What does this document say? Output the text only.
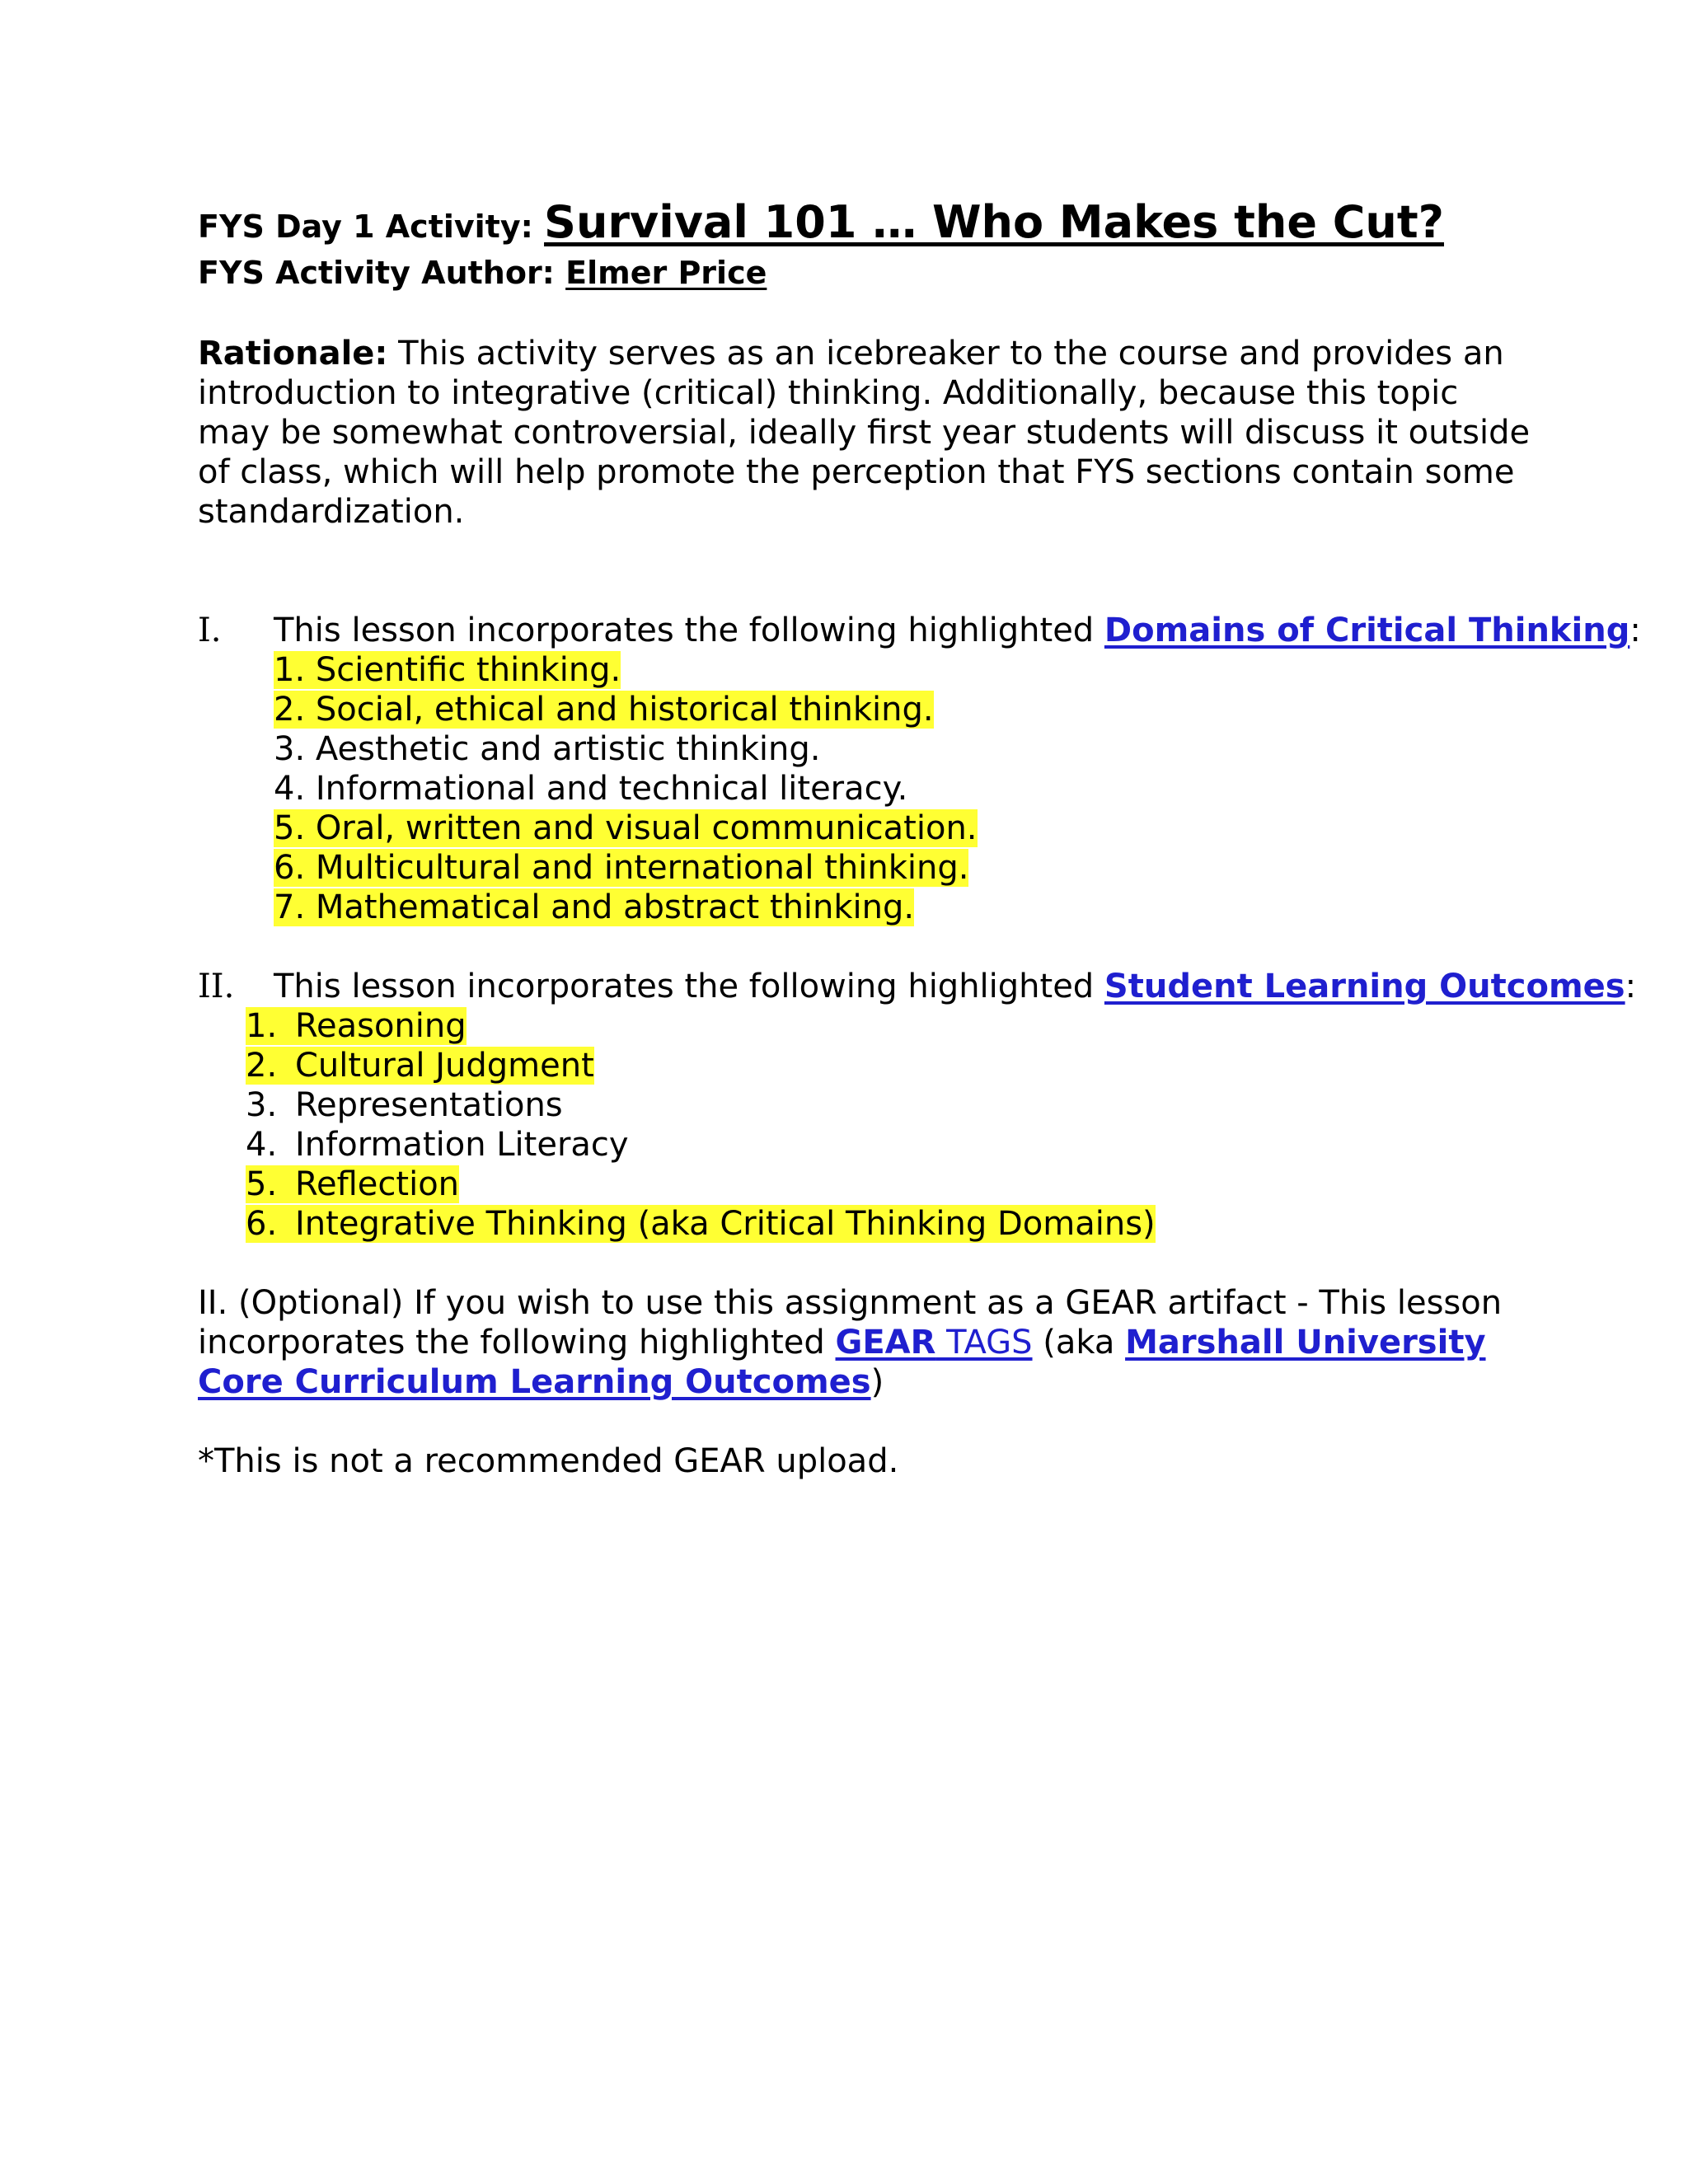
FYS Day 1 Activity: Survival 101 … Who Makes the Cut?
FYS Activity Author: Elmer Price
Rationale: This activity serves as an icebreaker to the course and provides an introduction to integrative (critical) thinking. Additionally, because this topic may be somewhat controversial, ideally first year students will discuss it outside of class, which will help promote the perception that FYS sections contain some standardization.
I. This lesson incorporates the following highlighted Domains of Critical Thinking:
1. Scientific thinking.
2. Social, ethical and historical thinking.
3. Aesthetic and artistic thinking.
4. Informational and technical literacy.
5. Oral, written and visual communication.
6. Multicultural and international thinking.
7. Mathematical and abstract thinking.
II. This lesson incorporates the following highlighted Student Learning Outcomes:
1. Reasoning
2. Cultural Judgment
3. Representations
4. Information Literacy
5. Reflection
6. Integrative Thinking (aka Critical Thinking Domains)
II. (Optional) If you wish to use this assignment as a GEAR artifact - This lesson incorporates the following highlighted GEAR TAGS (aka Marshall University Core Curriculum Learning Outcomes)
*This is not a recommended GEAR upload.
